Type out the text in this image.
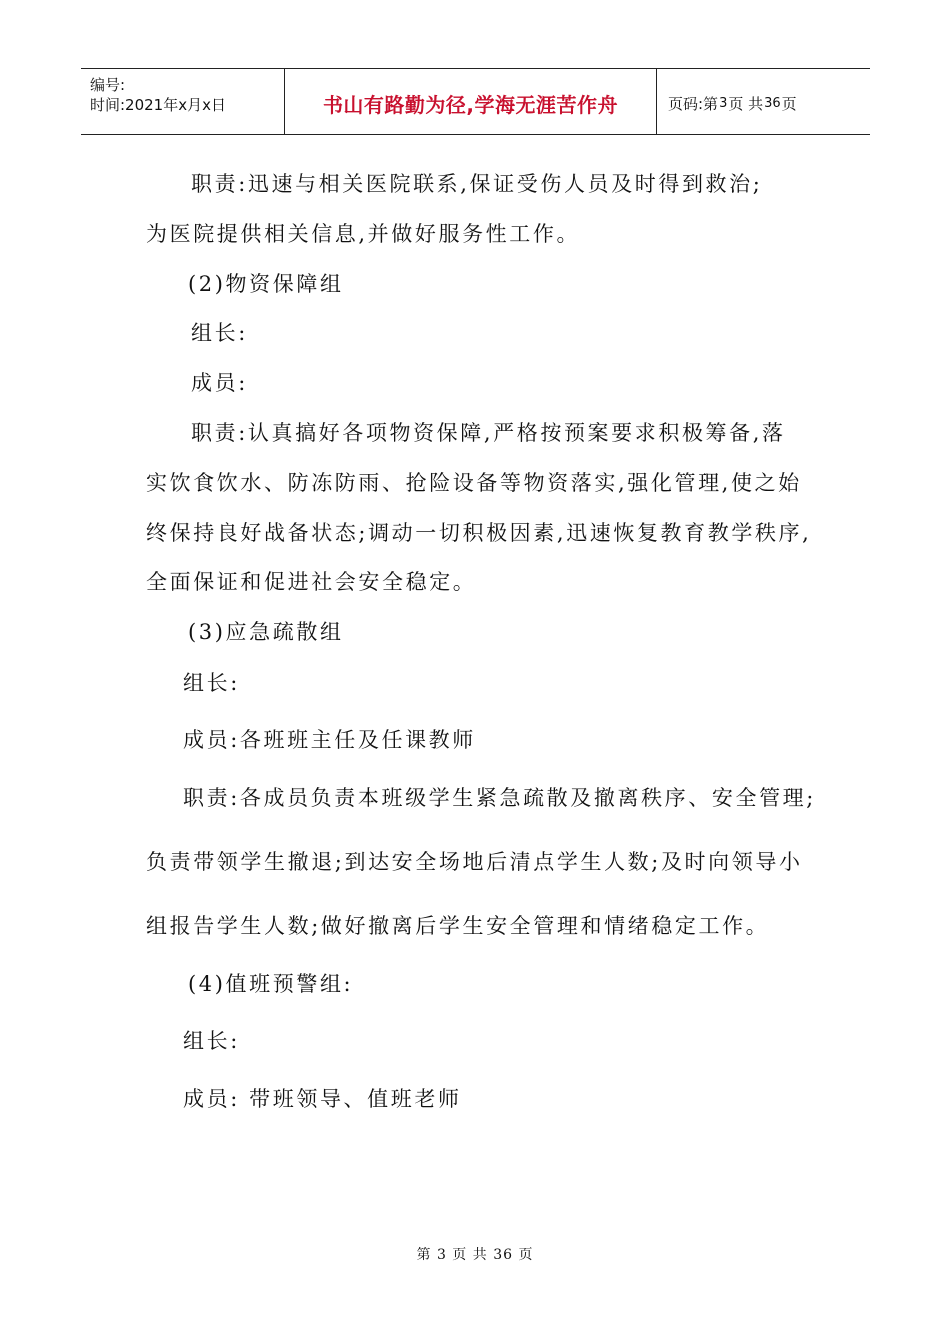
编号:
时间:2021年x月x日	书山有路勤为径,学海无涯苦作舟	页码:第 3 页 共 36 页
职责:迅速与相关医院联系,保证受伤人员及时得到救治;
为医院提供相关信息,并做好服务性工作。
(2)物资保障组
组长:
成员:
职责:认真搞好各项物资保障,严格按预案要求积极筹备,落
实饮食饮水、防冻防雨、抢险设备等物资落实,强化管理,使之始
终保持良好战备状态;调动一切积极因素,迅速恢复教育教学秩序,
全面保证和促进社会安全稳定。
(3)应急疏散组
组长:
成员:各班班主任及任课教师
职责:各成员负责本班级学生紧急疏散及撤离秩序、安全管理;
负责带领学生撤退;到达安全场地后清点学生人数;及时向领导小
组报告学生人数;做好撤离后学生安全管理和情绪稳定工作。
(4)值班预警组:
组长:
成员: 带班领导、值班老师
第 3 页 共 36 页
